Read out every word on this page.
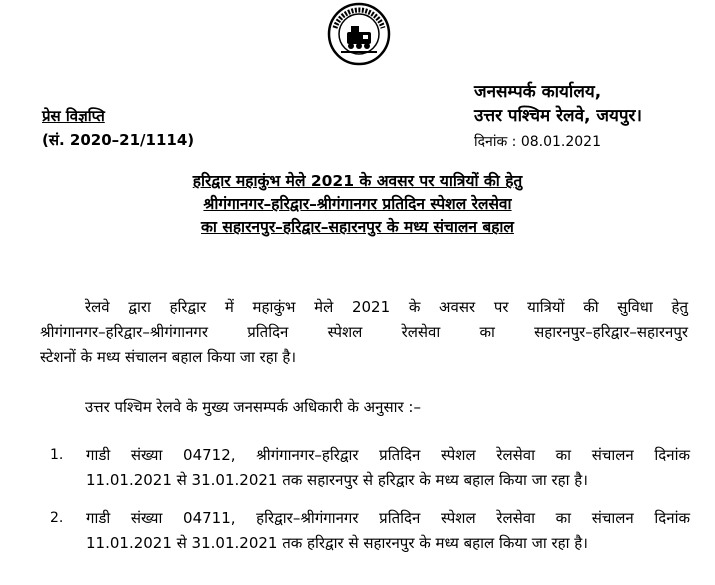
जनसम्पर्क कार्यालय,
उत्तर पश्चिम रेलवे, जयपुर।
दिनांक : 08.01.2021
प्रेस विज्ञप्ति
(सं. 2020–21/1114)
हरिद्वार महाकुंभ मेले 2021 के अवसर पर यात्रियों की हेतु
श्रीगंगानगर–हरिद्वार–श्रीगंगानगर प्रतिदिन स्पेशल रेलसेवा
का सहारनपुर–हरिद्वार–सहारनपुर के मध्य संचालन बहाल
रेलवे द्वारा हरिद्वार में महाकुंभ मेले 2021 के अवसर पर यात्रियों की सुविधा हेतु
श्रीगंगानगर–हरिद्वार–श्रीगंगानगर प्रतिदिन स्पेशल रेलसेवा का सहारनपुर–हरिद्वार–सहारनपुर
स्टेशनों के मध्य संचालन बहाल किया जा रहा है।
उत्तर पश्चिम रेलवे के मुख्य जनसम्पर्क अधिकारी के अनुसार :–
1.	गाडी संख्या 04712, श्रीगंगानगर–हरिद्वार प्रतिदिन स्पेशल रेलसेवा का संचालन दिनांक
11.01.2021 से 31.01.2021 तक सहारनपुर से हरिद्वार के मध्य बहाल किया जा रहा है।
2.	गाडी संख्या 04711, हरिद्वार–श्रीगंगानगर प्रतिदिन स्पेशल रेलसेवा का संचालन दिनांक
11.01.2021 से 31.01.2021 तक हरिद्वार से सहारनपुर के मध्य बहाल किया जा रहा है।
